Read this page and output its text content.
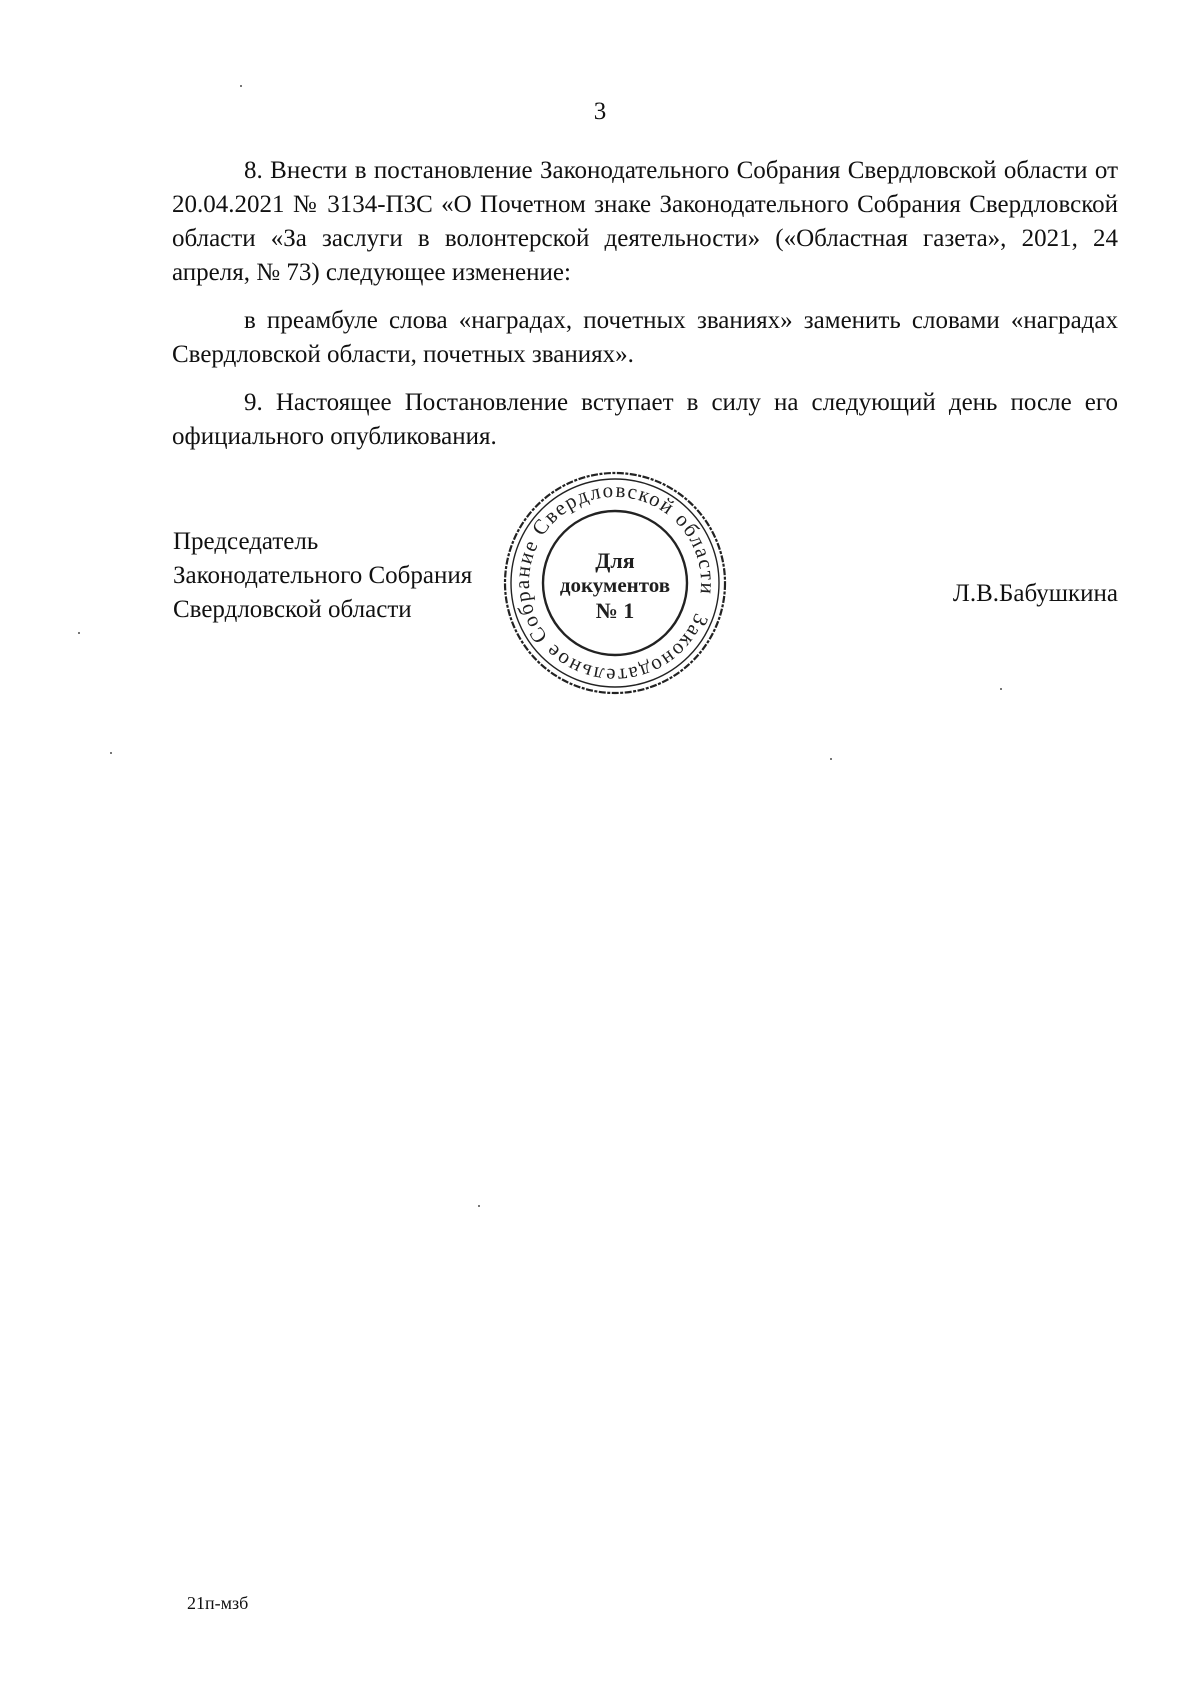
3

8. Внести в постановление Законодательного Собрания Свердловской области от 20.04.2021 № 3134-ПЗС «О Почетном знаке Законодательного Собрания Свердловской области «За заслуги в волонтерской деятельности» («Областная газета», 2021, 24 апреля, № 73) следующее изменение:

в преамбуле слова «наградах, почетных званиях» заменить словами «наградах Свердловской области, почетных званиях».

9. Настоящее Постановление вступает в силу на следующий день после его официального опубликования.

Председатель
Законодательного Собрания
Свердловской области	Законодательное Собрание Свердловской области
Для
документов
№ 1
Л.В.Бабушкина
21п-мзб
